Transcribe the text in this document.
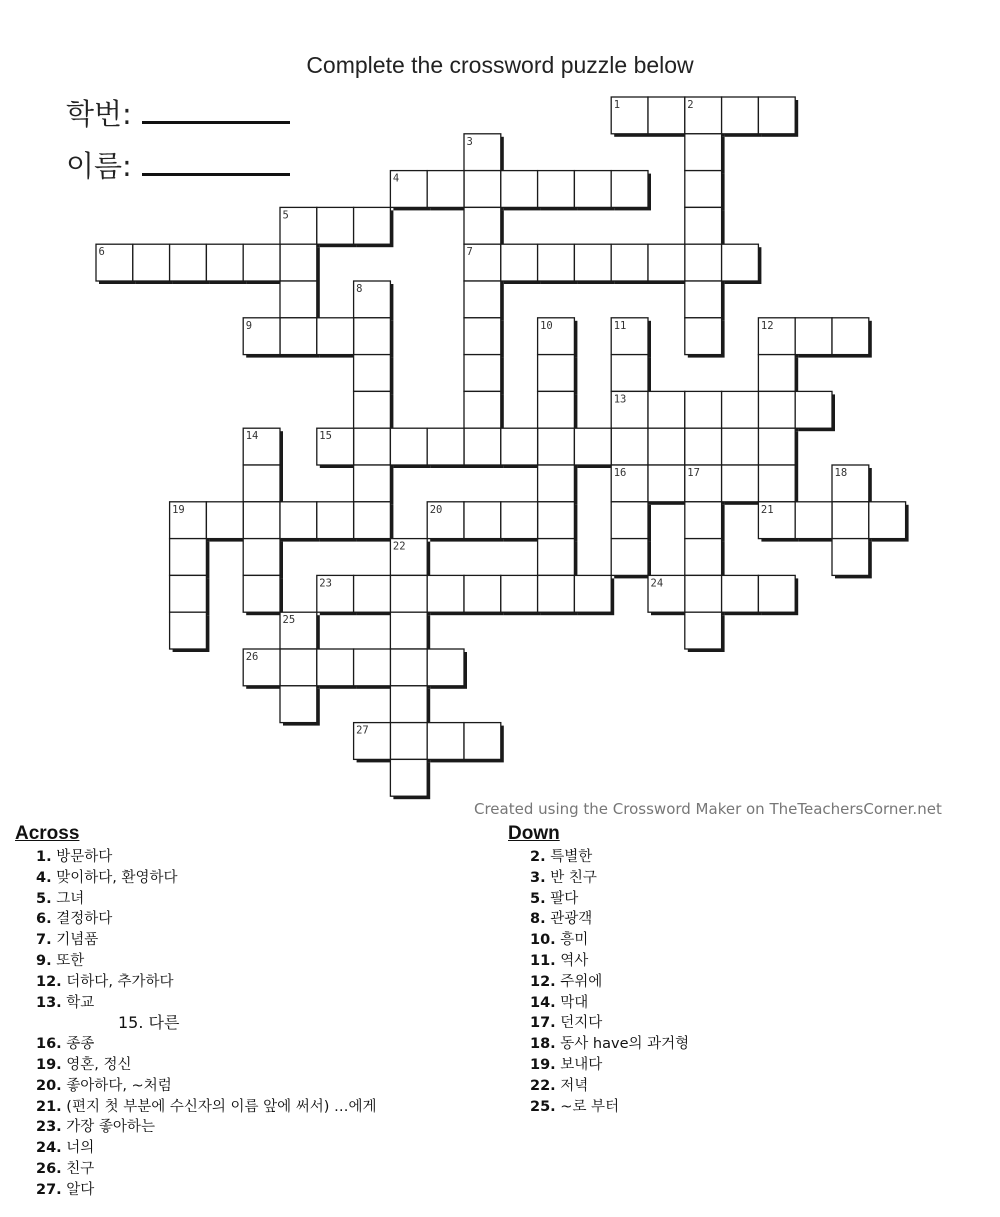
Complete the crossword puzzle below
학번:
이름:
1	2
3
4
5
6	7
8
9	10	11	12
13
14	15
16	17	18
19	20	21
22
23	24
25
26
27
Created using the Crossword Maker on TheTeachersCorner.net
Across
1. 방문하다
4. 맞이하다, 환영하다
5. 그녀
6. 결정하다
7. 기념품
9. 또한
12. 더하다, 추가하다
13. 학교
15. 다른
16. 종종
19. 영혼, 정신
20. 좋아하다, ~처럼
21. (편지 첫 부분에 수신자의 이름 앞에 써서) …에게
23. 가장 좋아하는
24. 너의
26. 친구
27. 알다
Down
2. 특별한
3. 반 친구
5. 팔다
8. 관광객
10. 흥미
11. 역사
12. 주위에
14. 막대
17. 던지다
18. 동사 have의 과거형
19. 보내다
22. 저녁
25. ~로 부터
